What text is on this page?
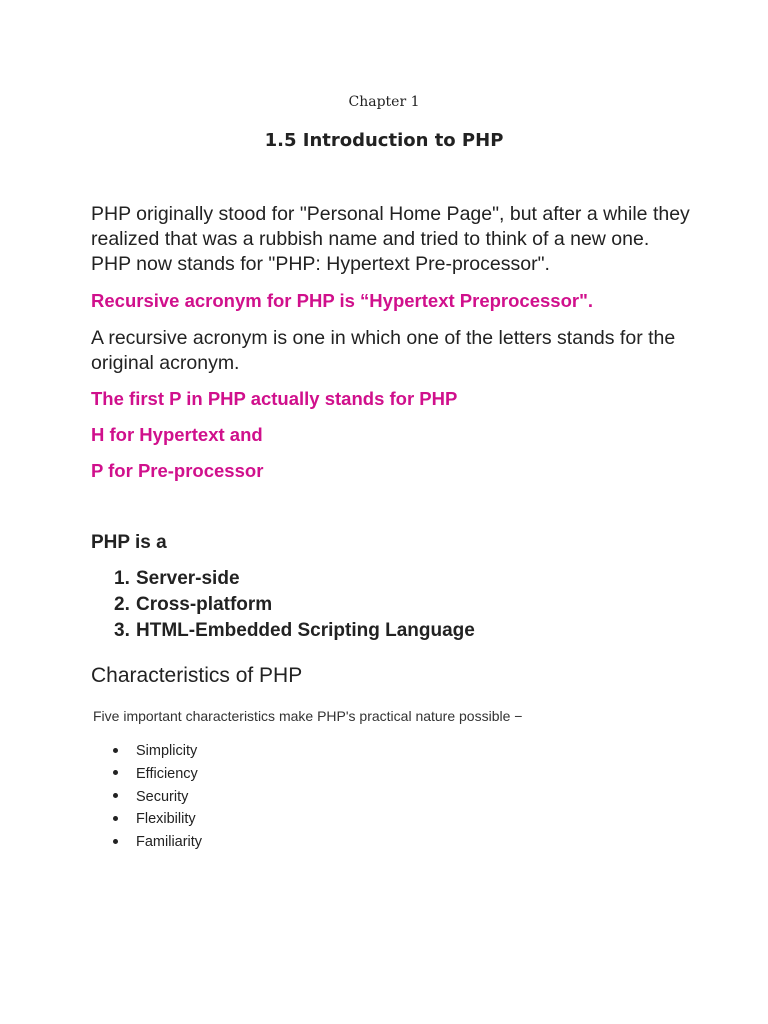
Chapter 1
1.5 Introduction to PHP
PHP originally stood for "Personal Home Page", but after a while they realized that was a rubbish name and tried to think of a new one. PHP now stands for "PHP: Hypertext Pre-processor".
Recursive acronym for PHP is “Hypertext Preprocessor".
A recursive acronym is one in which one of the letters stands for the original acronym.
The first P in PHP actually stands for PHP
H for Hypertext and
P for Pre-processor
PHP is a
1. Server-side
2. Cross-platform
3. HTML-Embedded Scripting Language
Characteristics of PHP
Five important characteristics make PHP's practical nature possible −
Simplicity
Efficiency
Security
Flexibility
Familiarity
